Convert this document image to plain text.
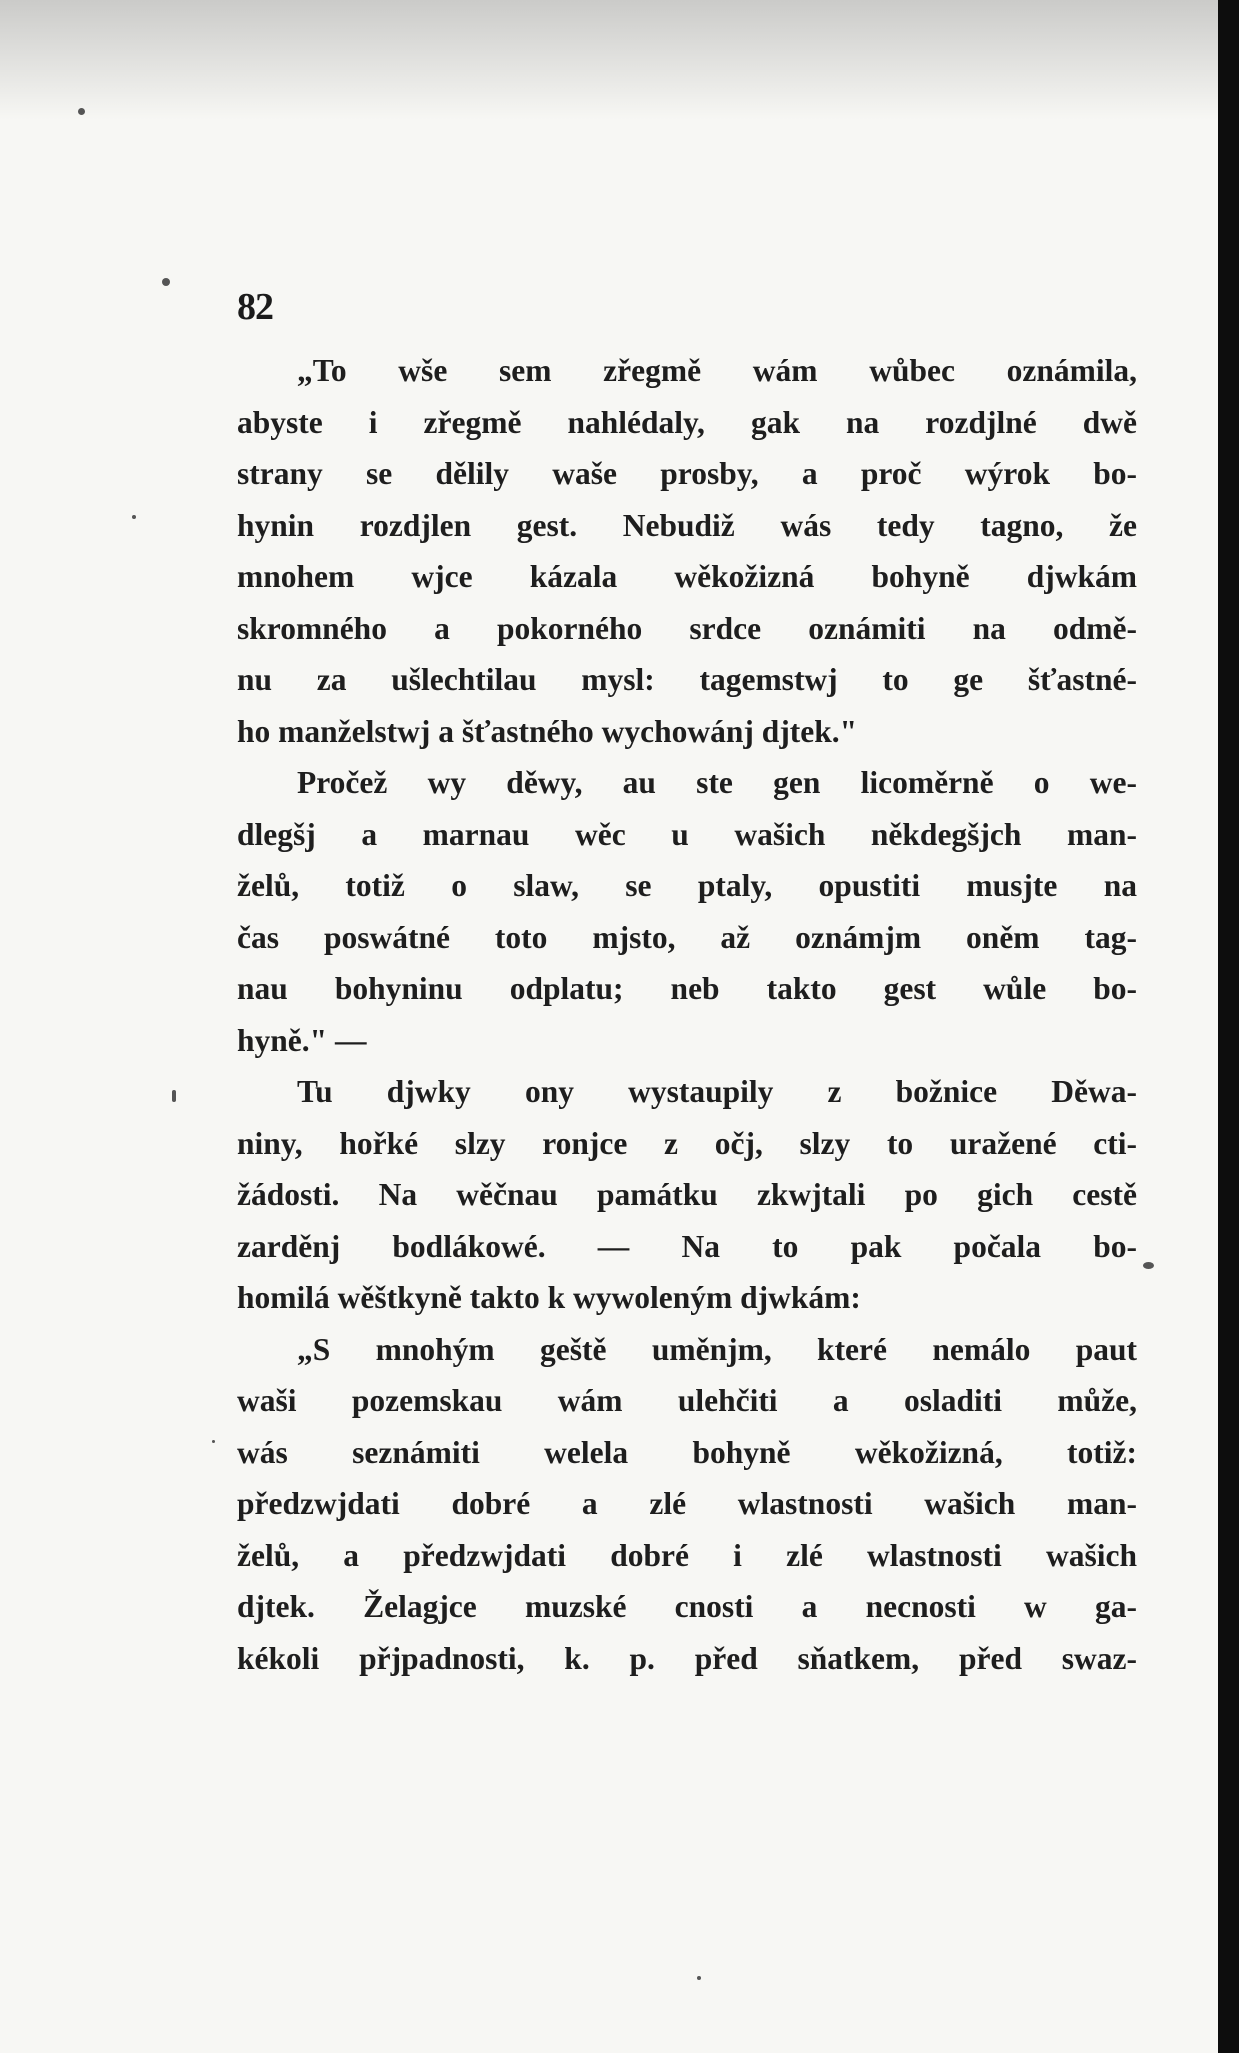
82
„To wše sem zřegmě wám wůbec oznámila,
abyste i zřegmě nahlédaly, gak na rozdjlné dwě
strany se dělily waše prosby, a proč wýrok bo-
hynin rozdjlen gest. Nebudiž wás tedy tagno, že
mnohem wjce kázala wěkožizná bohyně djwkám
skromného a pokorného srdce oznámiti na odmě-
nu za ušlechtilau mysl: tagemstwj to ge šťastné-
ho manželstwj a šťastného wychowánj djtek."
Pročež wy děwy, au ste gen licoměrně o we-
dlegšj a marnau wěc u wašich někdegšjch man-
želů, totiž o slaw, se ptaly, opustiti musjte na
čas poswátné toto mjsto, až oznámjm oněm tag-
nau bohyninu odplatu; neb takto gest wůle bo-
hyně." —
Tu djwky ony wystaupily z božnice Děwa-
niny, hořké slzy ronjce z očj, slzy to uražené cti-
žádosti. Na wěčnau památku zkwjtali po gich cestě
zarděnj bodlákowé. — Na to pak počala bo-
homilá wěštkyně takto k wywoleným djwkám:
„S mnohým geště uměnjm, které nemálo paut
waši pozemskau wám ulehčiti a osladiti může,
wás seznámiti welela bohyně wěkožizná, totiž:
předzwjdati dobré a zlé wlastnosti wašich man-
želů, a předzwjdati dobré i zlé wlastnosti wašich
djtek. Želagjce muzské cnosti a necnosti w ga-
kékoli přjpadnosti, k. p. před sňatkem, před swaz-
